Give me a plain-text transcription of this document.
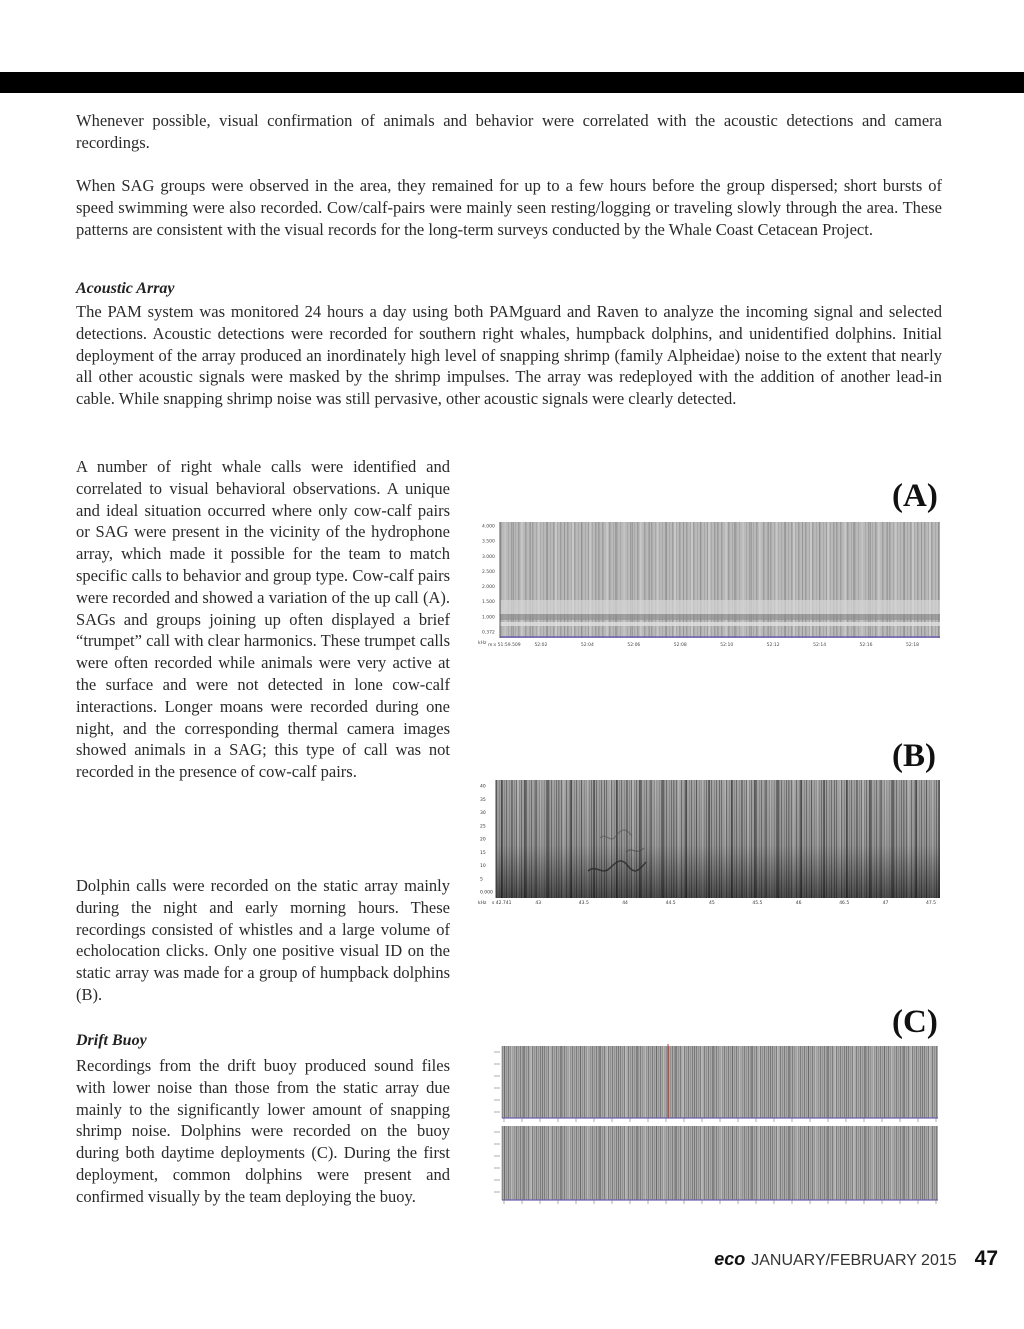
Whenever possible, visual confirmation of animals and behavior were correlated with the acoustic detections and camera recordings.

When SAG groups were observed in the area, they remained for up to a few hours before the group dispersed; short bursts of speed swimming were also recorded. Cow/calf-pairs were mainly seen resting/logging or traveling slowly through the area. These patterns are consistent with the visual records for the long-term surveys conducted by the Whale Coast Cetacean Project.

Acoustic Array

The PAM system was monitored 24 hours a day using both PAMguard and Raven to analyze the incoming signal and selected detections. Acoustic detections were recorded for southern right whales, humpback dolphins, and unidentified dolphins. Initial deployment of the array produced an inordinately high level of snapping shrimp (family Alpheidae) noise to the extent that nearly all other acoustic signals were masked by the shrimp impulses. The array was redeployed with the addition of another lead-in cable. While snapping shrimp noise was still pervasive, other acoustic signals were clearly detected.

A number of right whale calls were identified and correlated to visual behavioral observations. A unique and ideal situation occurred where only cow-calf pairs or SAG were present in the vicinity of the hydrophone array, which made it possible for the team to match specific calls to behavior and group type. Cow-calf pairs were recorded and showed a variation of the up call (A). SAGs and groups joining up often displayed a brief “trumpet” call with clear harmonics. These trumpet calls were often recorded while animals were very active at the surface and were not detected in lone cow-calf interactions. Longer moans were recorded during one night, and the corresponding thermal camera images showed animals in a SAG; this type of call was not recorded in the presence of cow-calf pairs.

Dolphin calls were recorded on the static array mainly during the night and early morning hours. These recordings consisted of whistles and a large volume of echolocation clicks. Only one positive visual ID on the static array was made for a group of humpback dolphins (B).

Drift Buoy

Recordings from the drift buoy produced sound files with lower noise than those from the static array due mainly to the significantly lower amount of snapping shrimp noise. Dolphins were recorded on the buoy during both daytime deployments (C). During the first deployment, common dolphins were present and confirmed visually by the team deploying the buoy.

(A)
4.000
3.500
3.000
2.500
2.000
1.500
1.000
0.372
m:s 51:59.509	52:02	52:04	52:06	52:08	52:10	52:12	52:14	52:16	52:18
kHz
(B)
40
35
30
25
20
15
10
5
0.000
s 42.741	43	43.5	44	44.5	45	45.5	46	46.5	47	47.5
kHz
(C)
eco JANUARY/FEBRUARY 2015 47
